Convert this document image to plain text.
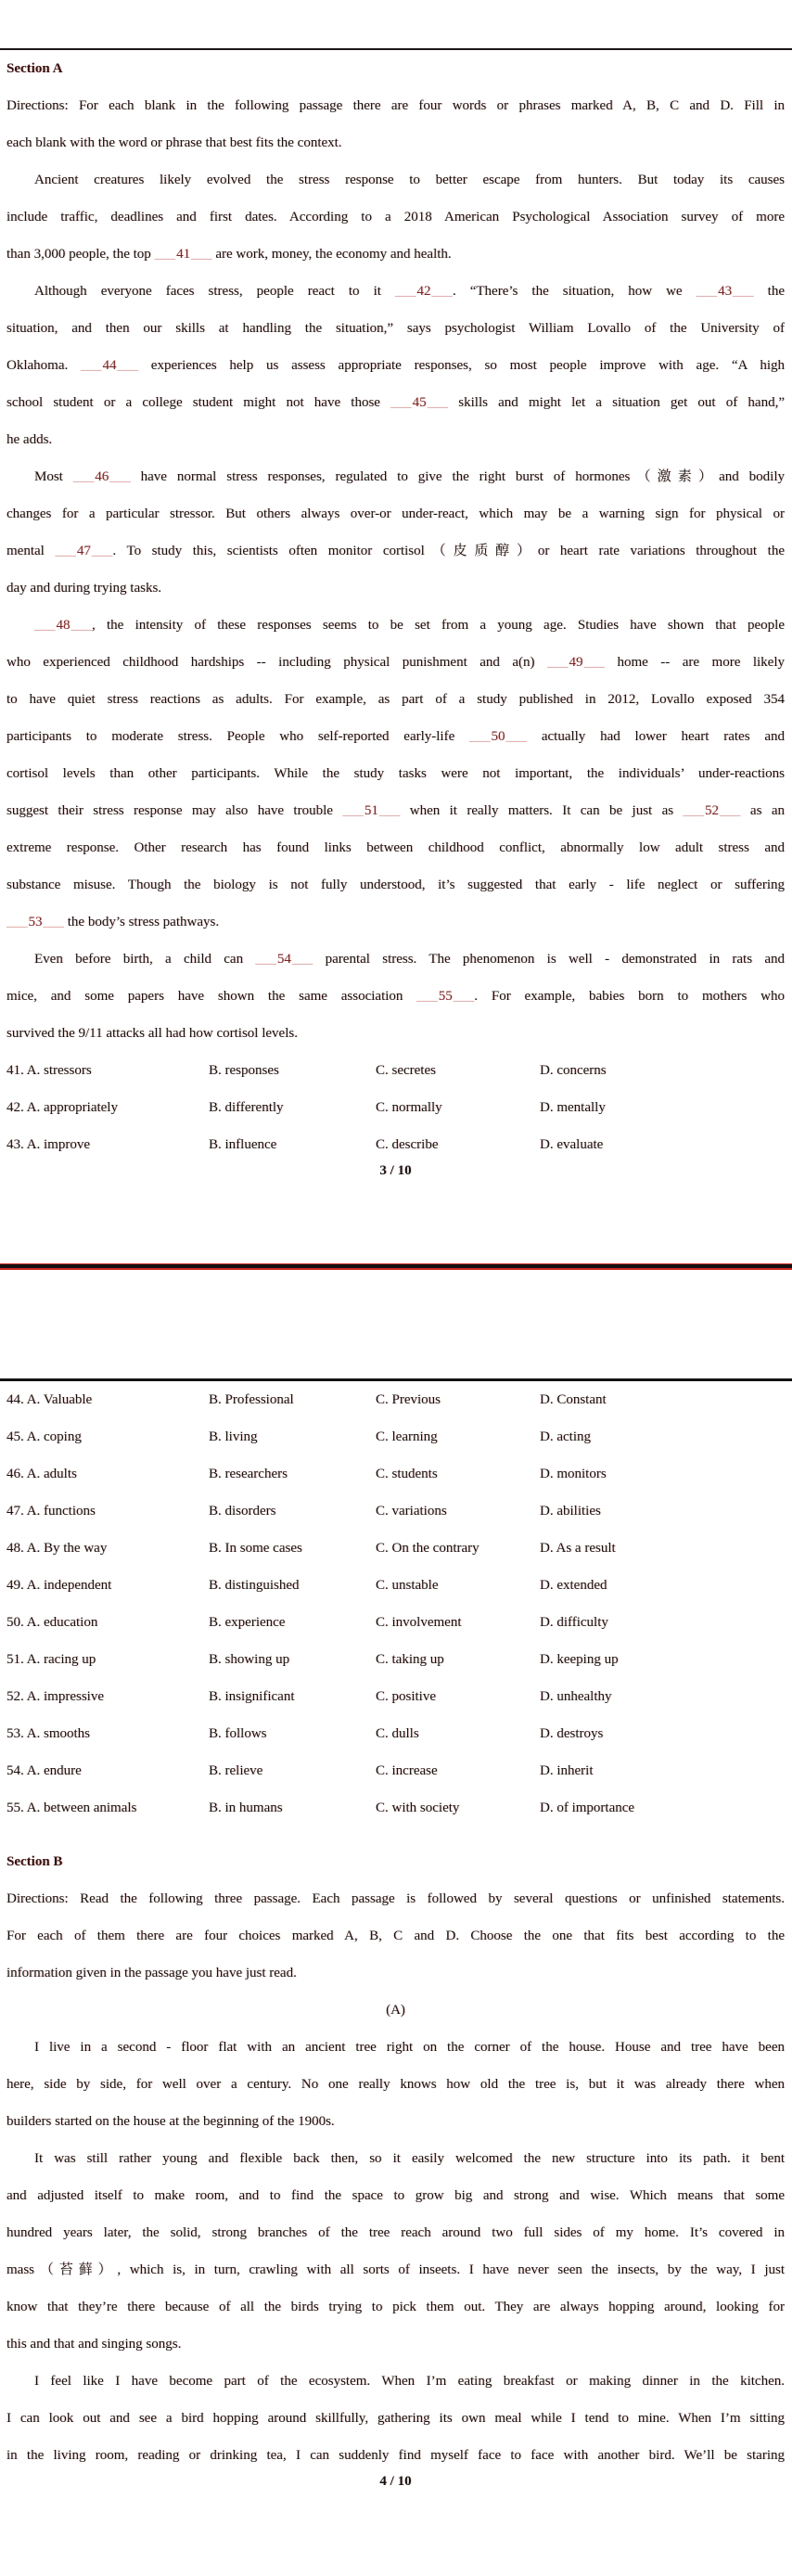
Section A
Directions: For each blank in the following passage there are four words or phrases marked A, B, C and D. Fill in
each blank with the word or phrase that best fits the context.
Ancient creatures likely evolved the stress response to better escape from hunters. But today its causes
include traffic, deadlines and first dates. According to a 2018 American Psychological Association survey of more
than 3,000 people, the top ___41___ are work, money, the economy and health.
Although everyone faces stress, people react to it ___42___. “There’s the situation, how we ___43___ the
situation, and then our skills at handling the situation,” says psychologist William Lovallo of the University of
Oklahoma. ___44___ experiences help us assess appropriate responses, so most people improve with age. “A high
school student or a college student might not have those ___45___ skills and might let a situation get out of hand,”
he adds.
Most ___46___ have normal stress responses, regulated to give the right burst of hormones（激素）and bodily
changes for a particular stressor. But others always over-or under-react, which may be a warning sign for physical or
mental ___47___. To study this, scientists often monitor cortisol（皮质醇）or heart rate variations throughout the
day and during trying tasks.
___48___, the intensity of these responses seems to be set from a young age. Studies have shown that people
who experienced childhood hardships -- including physical punishment and a(n) ___49___ home -- are more likely
to have quiet stress reactions as adults. For example, as part of a study published in 2012, Lovallo exposed 354
participants to moderate stress. People who self-reported early-life ___50___ actually had lower heart rates and
cortisol levels than other participants. While the study tasks were not important, the individuals’ under-reactions
suggest their stress response may also have trouble ___51___ when it really matters. It can be just as ___52___ as an
extreme response. Other research has found links between childhood conflict, abnormally low adult stress and
substance misuse. Though the biology is not fully understood, it’s suggested that early - life neglect or suffering
___53___ the body’s stress pathways.
Even before birth, a child can ___54___ parental stress. The phenomenon is well - demonstrated in rats and
mice, and some papers have shown the same association ___55___. For example, babies born to mothers who
survived the 9/11 attacks all had how cortisol levels.
41. A. stressors	B. responses	C. secretes	D. concerns
42. A. appropriately	B. differently	C. normally	D. mentally
43. A. improve	B. influence	C. describe	D. evaluate
3 / 10
44. A. Valuable	B. Professional	C. Previous	D. Constant
45. A. coping	B. living	C. learning	D. acting
46. A. adults	B. researchers	C. students	D. monitors
47. A. functions	B. disorders	C. variations	D. abilities
48. A. By the way	B. In some cases	C. On the contrary	D. As a result
49. A. independent	B. distinguished	C. unstable	D. extended
50. A. education	B. experience	C. involvement	D. difficulty
51. A. racing up	B. showing up	C. taking up	D. keeping up
52. A. impressive	B. insignificant	C. positive	D. unhealthy
53. A. smooths	B. follows	C. dulls	D. destroys
54. A. endure	B. relieve	C. increase	D. inherit
55. A. between animals	B. in humans	C. with society	D. of importance
Section B
Directions: Read the following three passage. Each passage is followed by several questions or unfinished statements.
For each of them there are four choices marked A, B, C and D. Choose the one that fits best according to the
information given in the passage you have just read.
(A)
I live in a second - floor flat with an ancient tree right on the corner of the house. House and tree have been
here, side by side, for well over a century. No one really knows how old the tree is, but it was already there when
builders started on the house at the beginning of the 1900s.
It was still rather young and flexible back then, so it easily welcomed the new structure into its path. it bent
and adjusted itself to make room, and to find the space to grow big and strong and wise. Which means that some
hundred years later, the solid, strong branches of the tree reach around two full sides of my home. It’s covered in
mass（苔藓）, which is, in turn, crawling with all sorts of inseets. I have never seen the insects, by the way, I just
know that they’re there because of all the birds trying to pick them out. They are always hopping around, looking for
this and that and singing songs.
I feel like I have become part of the ecosystem. When I’m eating breakfast or making dinner in the kitchen.
I can look out and see a bird hopping around skillfully, gathering its own meal while I tend to mine. When I’m sitting
in the living room, reading or drinking tea, I can suddenly find myself face to face with another bird. We’ll be staring
4 / 10
